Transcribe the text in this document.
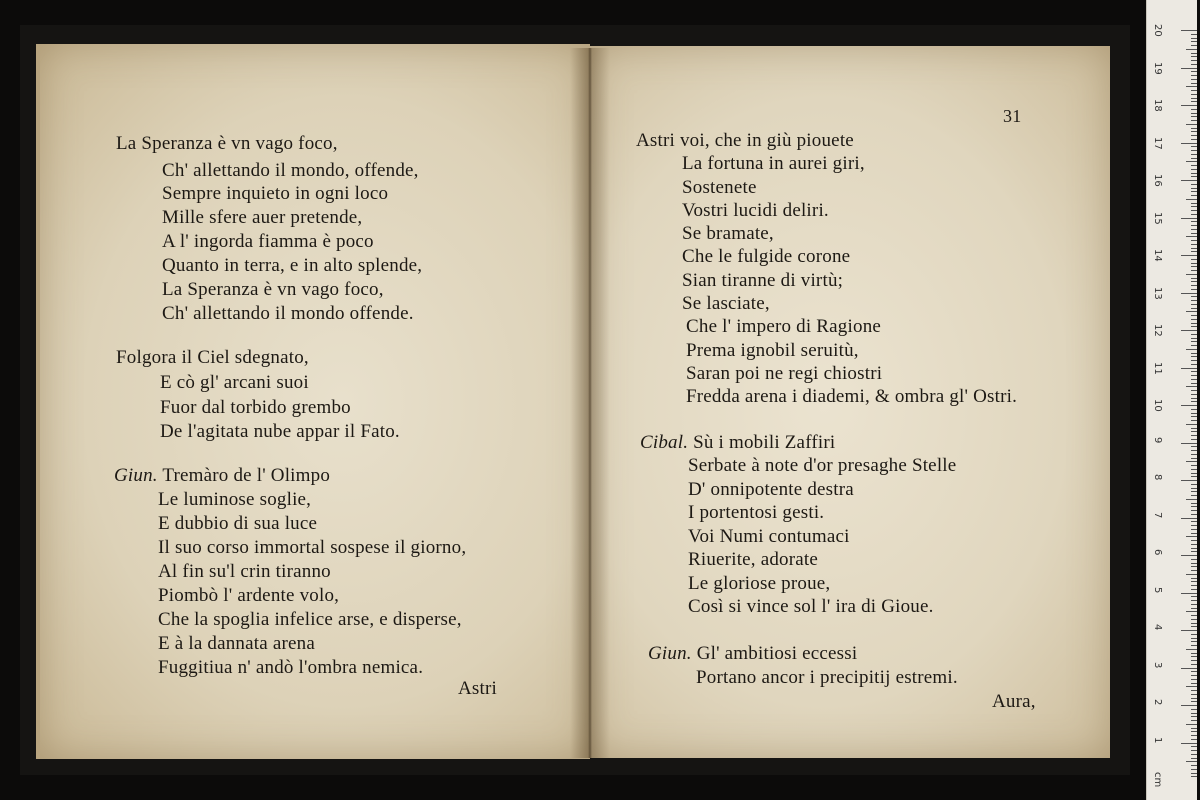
La Speranza è vn vago foco,
Ch' allettando il mondo, offende,
Sempre inquieto in ogni loco
Mille sfere auer pretende,
A l' ingorda fiamma è poco
Quanto in terra, e in alto splende,
La Speranza è vn vago foco,
Ch' allettando il mondo offende.
Folgora il Ciel sdegnato,
E cò gl' arcani suoi
Fuor dal torbido grembo
De l'agitata nube appar il Fato.
Giun. Tremàro de l' Olimpo
Le luminose soglie,
E dubbio di sua luce
Il suo corso immortal sospese il giorno,
Al fin su'l crin tiranno
Piombò l' ardente volo,
Che la spoglia infelice arse, e disperse,
E à la dannata arena
Fuggitiua n' andò l'ombra nemica.
Astri
31
Astri voi, che in giù piouete
La fortuna in aurei giri,
Sostenete
Vostri lucidi deliri.
Se bramate,
Che le fulgide corone
Sian tiranne di virtù;
Se lasciate,
Che l' impero di Ragione
Prema ignobil seruitù,
Saran poi ne regi chiostri
Fredda arena i diademi, & ombra gl' Ostri.
Cibal. Sù i mobili Zaffiri
Serbate à note d'or presaghe Stelle
D' onnipotente destra
I portentosi gesti.
Voi Numi contumaci
Riuerite, adorate
Le gloriose proue,
Così si vince sol l' ira di Gioue.
Giun. Gl' ambitiosi eccessi
Portano ancor i precipitij estremi.
Aura,
20
19
18
17
16
15
14
13
12
11
10
9
8
7
6
5
4
3
2
1
cm
